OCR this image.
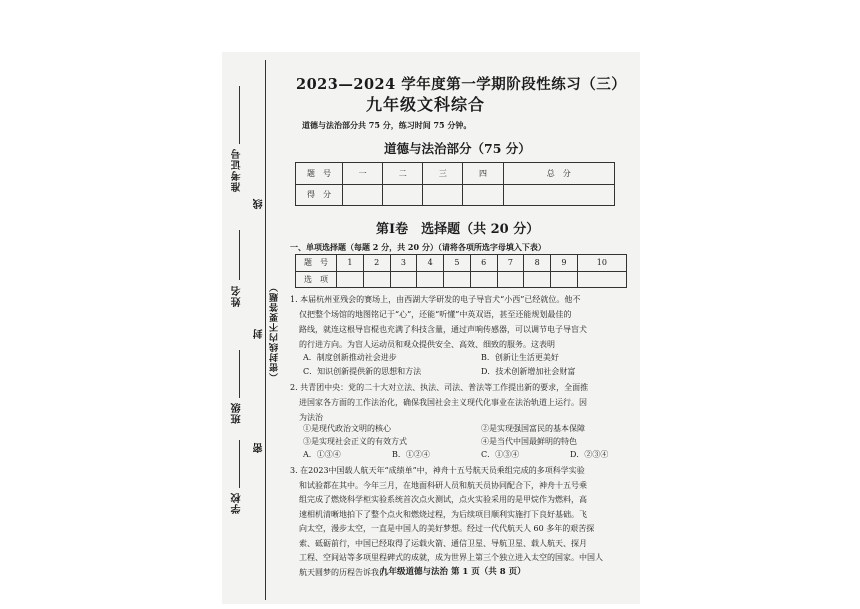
准考证号
姓名
班级
学校
线
封
密
（密封线内不要答题）
2023—2024 学年度第一学期阶段性练习（三）
九年级文科综合
道德与法治部分共 75 分，练习时间 75 分钟。
道德与法治部分（75 分）
题　号	一	二	三	四	总　分
得　分					
第Ⅰ卷　选择题（共 20 分）
一、单项选择题（每题 2 分，共 20 分）（请将各项所选字母填入下表）
题　号	1	2	3	4	5	6	7	8	9	10
选　项										
1. 本届杭州亚残会的赛场上，由西湖大学研发的电子导盲犬“小西”已经就位。他不
仅把整个场馆的地图铭记于“心”，还能“听懂”中英双语，甚至还能规划最佳的
路线，就连这根导盲棍也充满了科技含量，通过声响传感器，可以调节电子导盲犬
的行进方向。为盲人运动员和观众提供安全、高效、细致的服务。这表明
A．制度创新推动社会进步	B．创新让生活更美好
C．知识创新提供新的思想和方法	D．技术创新增加社会财富
2. 共青团中央：党的二十大对立法、执法、司法、普法等工作提出新的要求，全面推
进国家各方面的工作法治化，确保我国社会主义现代化事业在法治轨道上运行。因
为法治
①是现代政治文明的核心	②是实现强国富民的基本保障
③是实现社会正义的有效方式	④是当代中国最鲜明的特色
A．①③④	B．①②④	C．①③④	D．②③④
3. 在2023中国载人航天年“成绩单”中，神舟十五号航天员乘组完成的多项科学实验
和试验都在其中。今年三月，在地面科研人员和航天员协同配合下，神舟十五号乘
组完成了燃烧科学柜实验系统首次点火测试，点火实验采用的是甲烷作为燃料，高
速相机清晰地拍下了整个点火和燃烧过程，为后续项目顺利实施打下良好基础。飞
向太空，漫步太空，一直是中国人的美好梦想。经过一代代航天人 60 多年的艰苦探
索、砥砺前行，中国已经取得了运载火箭、通信卫星、导航卫星、载人航天、探月
工程、空间站等多项里程碑式的成就，成为世界上第三个独立进入太空的国家。中国人
航天圆梦的历程告诉我们
九年级道德与法治 第 1 页（共 8 页）
